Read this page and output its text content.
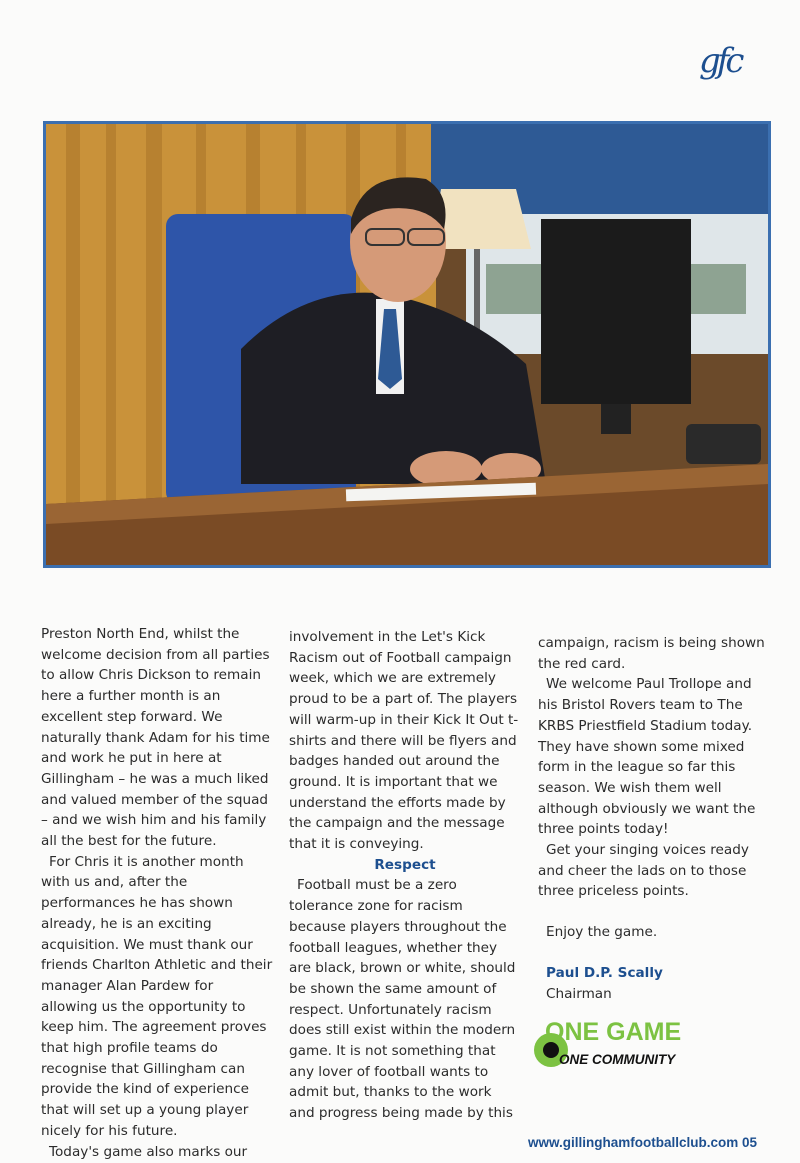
gfc

Preston North End, whilst the welcome decision from all parties to allow Chris Dickson to remain here a further month is an excellent step forward. We naturally thank Adam for his time and work he put in here at Gillingham – he was a much liked and valued member of the squad – and we wish him and his family all the best for the future.

For Chris it is another month with us and, after the performances he has shown already, he is an exciting acquisition. We must thank our friends Charlton Athletic and their manager Alan Pardew for allowing us the opportunity to keep him. The agreement proves that high profile teams do recognise that Gillingham can provide the kind of experience that will set up a young player nicely for his future.

Today's game also marks our

involvement in the Let's Kick Racism out of Football campaign week, which we are extremely proud to be a part of. The players will warm-up in their Kick It Out t-shirts and there will be flyers and badges handed out around the ground. It is important that we understand the efforts made by the campaign and the message that it is conveying.

Respect

Football must be a zero tolerance zone for racism because players throughout the football leagues, whether they are black, brown or white, should be shown the same amount of respect. Unfortunately racism does still exist within the modern game. It is not something that any lover of football wants to admit but, thanks to the work and progress being made by this

campaign, racism is being shown the red card.

We welcome Paul Trollope and his Bristol Rovers team to The KRBS Priestfield Stadium today. They have shown some mixed form in the league so far this season. We wish them well although obviously we want the three points today!

Get your singing voices ready and cheer the lads on to those three priceless points.

Enjoy the game.

Paul D.P. Scally

Chairman

ONE GAME
ONE COMMUNITY
www.gillinghamfootballclub.com 05
